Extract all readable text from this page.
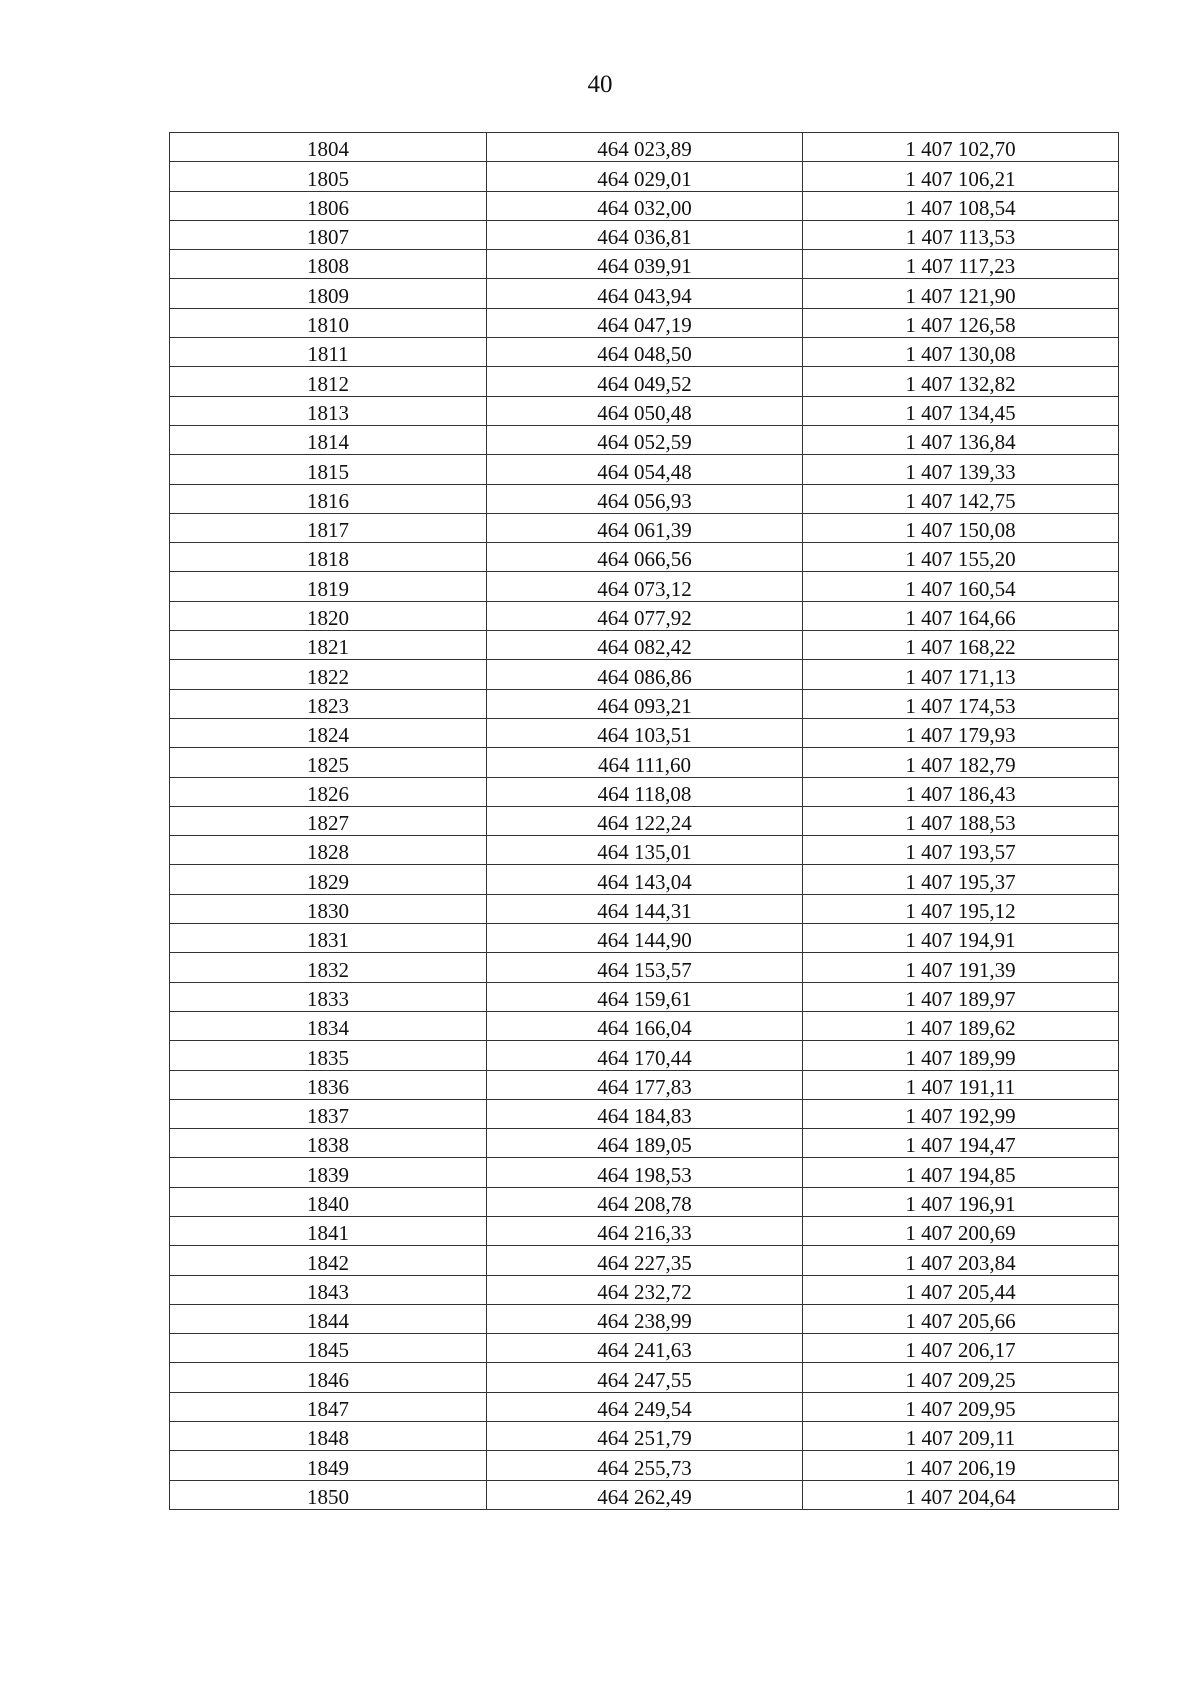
40
1804	464 023,89	1 407 102,70
1805	464 029,01	1 407 106,21
1806	464 032,00	1 407 108,54
1807	464 036,81	1 407 113,53
1808	464 039,91	1 407 117,23
1809	464 043,94	1 407 121,90
1810	464 047,19	1 407 126,58
1811	464 048,50	1 407 130,08
1812	464 049,52	1 407 132,82
1813	464 050,48	1 407 134,45
1814	464 052,59	1 407 136,84
1815	464 054,48	1 407 139,33
1816	464 056,93	1 407 142,75
1817	464 061,39	1 407 150,08
1818	464 066,56	1 407 155,20
1819	464 073,12	1 407 160,54
1820	464 077,92	1 407 164,66
1821	464 082,42	1 407 168,22
1822	464 086,86	1 407 171,13
1823	464 093,21	1 407 174,53
1824	464 103,51	1 407 179,93
1825	464 111,60	1 407 182,79
1826	464 118,08	1 407 186,43
1827	464 122,24	1 407 188,53
1828	464 135,01	1 407 193,57
1829	464 143,04	1 407 195,37
1830	464 144,31	1 407 195,12
1831	464 144,90	1 407 194,91
1832	464 153,57	1 407 191,39
1833	464 159,61	1 407 189,97
1834	464 166,04	1 407 189,62
1835	464 170,44	1 407 189,99
1836	464 177,83	1 407 191,11
1837	464 184,83	1 407 192,99
1838	464 189,05	1 407 194,47
1839	464 198,53	1 407 194,85
1840	464 208,78	1 407 196,91
1841	464 216,33	1 407 200,69
1842	464 227,35	1 407 203,84
1843	464 232,72	1 407 205,44
1844	464 238,99	1 407 205,66
1845	464 241,63	1 407 206,17
1846	464 247,55	1 407 209,25
1847	464 249,54	1 407 209,95
1848	464 251,79	1 407 209,11
1849	464 255,73	1 407 206,19
1850	464 262,49	1 407 204,64
